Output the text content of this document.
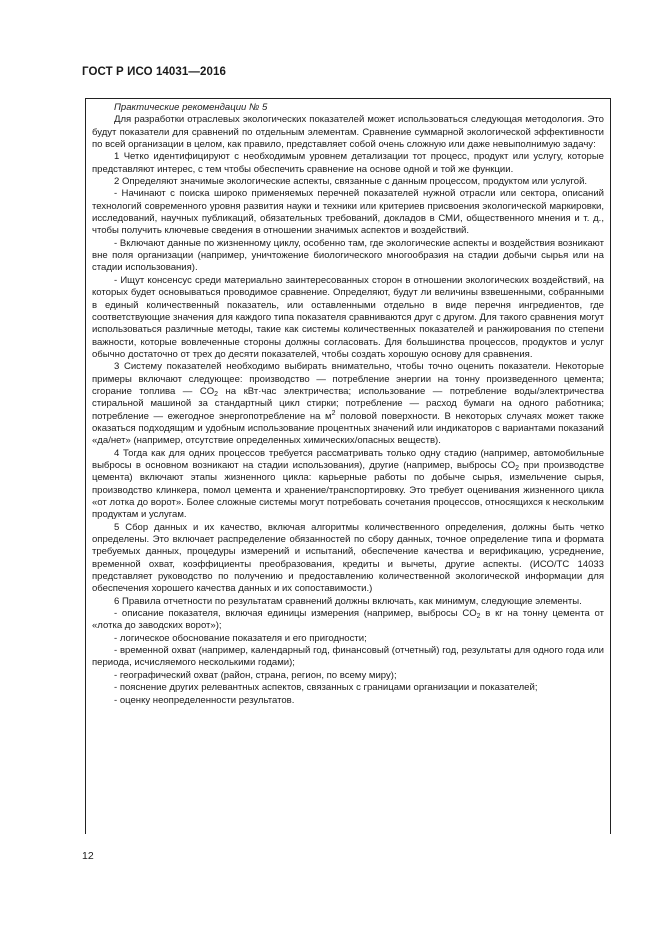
ГОСТ Р ИСО 14031—2016

Практические рекомендации № 5

Для разработки отраслевых экологических показателей может использоваться следующая методология. Это будут показатели для сравнений по отдельным элементам. Сравнение суммарной экологической эффективности по всей организации в целом, как правило, представляет собой очень сложную или даже невыполнимую задачу:

1 Четко идентифицируют с необходимым уровнем детализации тот процесс, продукт или услугу, которые представляют интерес, с тем чтобы обеспечить сравнение на основе одной и той же функции.

2 Определяют значимые экологические аспекты, связанные с данным процессом, продуктом или услугой.

- Начинают с поиска широко применяемых перечней показателей нужной отрасли или сектора, описаний технологий современного уровня развития науки и техники или критериев присвоения экологической маркировки, исследований, научных публикаций, обязательных требований, докладов в СМИ, общественного мнения и т. д., чтобы получить ключевые сведения в отношении значимых аспектов и воздействий.

- Включают данные по жизненному циклу, особенно там, где экологические аспекты и воздействия возникают вне поля организации (например, уничтожение биологического многообразия на стадии добычи сырья или на стадии использования).

- Ищут консенсус среди материально заинтересованных сторон в отношении экологических воздействий, на которых будет основываться проводимое сравнение. Определяют, будут ли величины взвешенными, собранными в единый количественный показатель, или оставленными отдельно в виде перечня ингредиентов, где соответствующие значения для каждого типа показателя сравниваются друг с другом. Для такого сравнения могут использоваться различные методы, такие как системы количественных показателей и ранжирования по степени важности, которые вовлеченные стороны должны согласовать. Для большинства процессов, продуктов и услуг обычно достаточно от трех до десяти показателей, чтобы создать хорошую основу для сравнения.

3 Систему показателей необходимо выбирать внимательно, чтобы точно оценить показатели. Некоторые примеры включают следующее: производство — потребление энергии на тонну произведенного цемента; сгорание топлива — $CO_2$ на кВт·час электричества; использование — потребление воды/электричества стиральной машиной за стандартный цикл стирки; потребление — расход бумаги на одного работника; потребление — ежегодное энергопотребление на $м^2$ половой поверхности. В некоторых случаях может также оказаться подходящим и удобным использование процентных значений или индикаторов с вариантами показаний «да/нет» (например, отсутствие определенных химических/опасных веществ).

4 Тогда как для одних процессов требуется рассматривать только одну стадию (например, автомобильные выбросы в основном возникают на стадии использования), другие (например, выбросы $CO_2$ при производстве цемента) включают этапы жизненного цикла: карьерные работы по добыче сырья, измельчение сырья, производство клинкера, помол цемента и хранение/транспортировку. Это требует оценивания жизненного цикла «от лотка до ворот». Более сложные системы могут потребовать сочетания процессов, относящихся к нескольким продуктам и услугам.

5 Сбор данных и их качество, включая алгоритмы количественного определения, должны быть четко определены. Это включает распределение обязанностей по сбору данных, точное определение типа и формата требуемых данных, процедуры измерений и испытаний, обеспечение качества и верификацию, усреднение, временной охват, коэффициенты преобразования, кредиты и вычеты, другие аспекты. (ИСО/ТС 14033 представляет руководство по получению и предоставлению количественной экологической информации для обеспечения хорошего качества данных и их сопоставимости.)

6 Правила отчетности по результатам сравнений должны включать, как минимум, следующие элементы.

- описание показателя, включая единицы измерения (например, выбросы $CO_2$ в кг на тонну цемента от «лотка до заводских ворот»);

- логическое обоснование показателя и его пригодности;

- временной охват (например, календарный год, финансовый (отчетный) год, результаты для одного года или периода, исчисляемого несколькими годами);

- географический охват (район, страна, регион, по всему миру);

- пояснение других релевантных аспектов, связанных с границами организации и показателей;

- оценку неопределенности результатов.

12
